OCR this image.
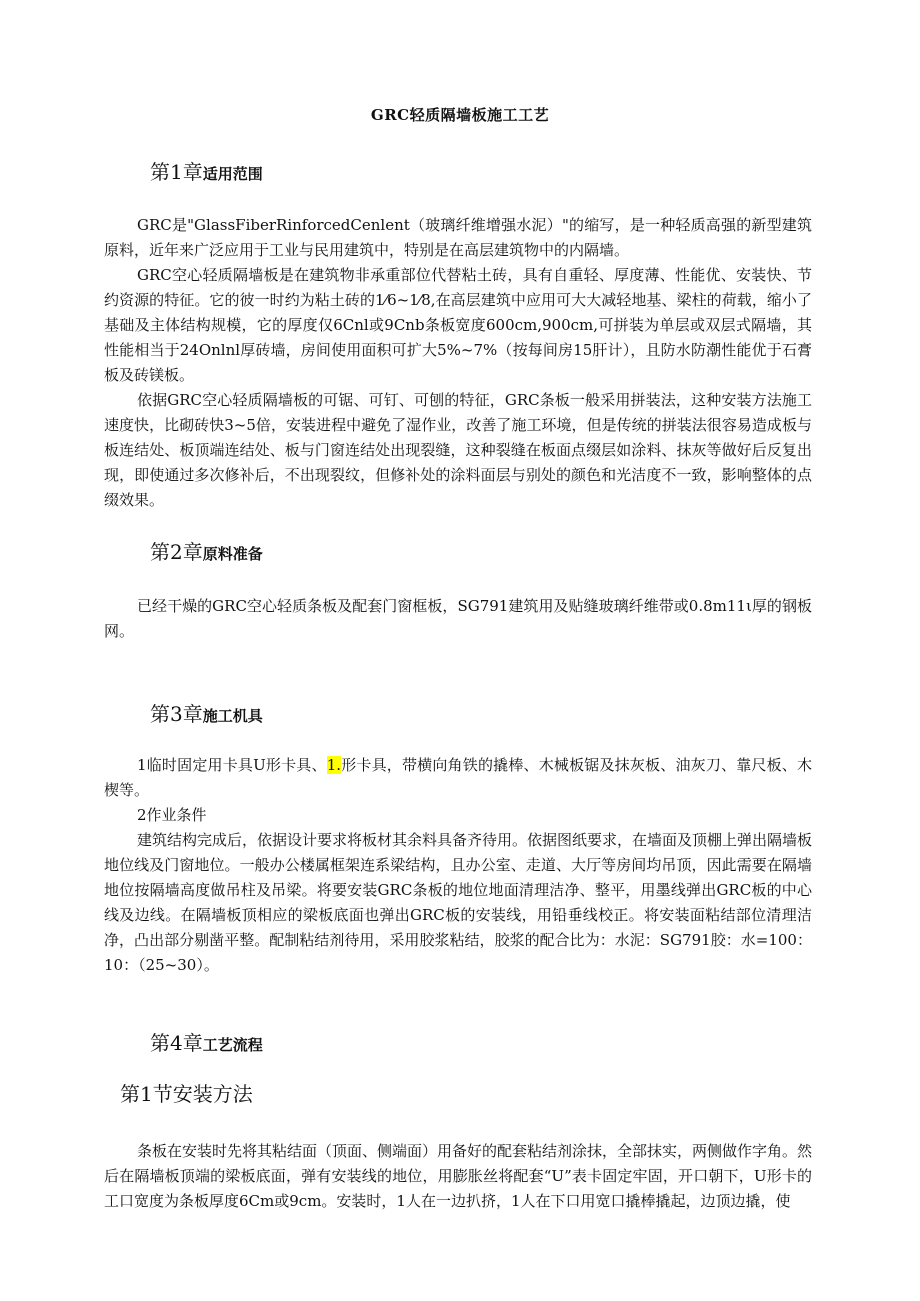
GRC轻质隔墙板施工工艺
第1章适用范围

GRC是"GlassFiberRinforcedCenlent（玻璃纤维增强水泥）"的缩写，是一种轻质高强的新型建筑原料，近年来广泛应用于工业与民用建筑中，特别是在高层建筑物中的内隔墙。

GRC空心轻质隔墙板是在建筑物非承重部位代替粘土砖，具有自重轻、厚度薄、性能优、安装快、节约资源的特征。它的彼一时约为粘土砖的1⁄6~1⁄8,在高层建筑中应用可大大减轻地基、梁柱的荷载，缩小了基础及主体结构规模，它的厚度仅6Cnl或9Cnb条板宽度600cm,900cm,可拼装为单层或双层式隔墙，其性能相当于24Onlnl厚砖墙，房间使用面积可扩大5%~7%（按每间房15肝计），且防水防潮性能优于石膏板及砖镁板。

依据GRC空心轻质隔墙板的可锯、可钉、可刨的特征，GRC条板一般采用拼装法，这种安装方法施工速度快，比砌砖快3~5倍，安装进程中避免了湿作业，改善了施工环境，但是传统的拼装法很容易造成板与板连结处、板顶端连结处、板与门窗连结处出现裂缝，这种裂缝在板面点缀层如涂料、抹灰等做好后反复出现，即使通过多次修补后，不出现裂纹，但修补处的涂料面层与别处的颜色和光洁度不一致，影响整体的点缀效果。

第2章原料准备

已经干燥的GRC空心轻质条板及配套门窗框板，SG791建筑用及贴缝玻璃纤维带或0.8m11ι厚的钢板网。

第3章施工机具

1临时固定用卡具U形卡具、1.形卡具，带横向角铁的撬棒、木械板锯及抹灰板、油灰刀、靠尺板、木楔等。

2作业条件

建筑结构完成后，依据设计要求将板材其余料具备齐待用。依据图纸要求，在墙面及顶棚上弹出隔墙板地位线及门窗地位。一般办公楼属框架连系梁结构，且办公室、走道、大厅等房间均吊顶，因此需要在隔墙地位按隔墙高度做吊柱及吊梁。将要安装GRC条板的地位地面清理洁净、整平，用墨线弹出GRC板的中心线及边线。在隔墙板顶相应的梁板底面也弹出GRC板的安装线，用铅垂线校正。将安装面粘结部位清理洁净，凸出部分剔凿平整。配制粘结剂待用，采用胶浆粘结，胶浆的配合比为：水泥：SG791胶：水=100：10：（25~30）。

第4章工艺流程
第1节安装方法

条板在安装时先将其粘结面（顶面、侧端面）用备好的配套粘结剂涂抹，全部抹实，两侧做作字角。然后在隔墙板顶端的梁板底面，弹有安装线的地位，用膨胀丝将配套“U”表卡固定牢固，开口朝下，U形卡的工口宽度为条板厚度6Cm或9cm。安装时，1人在一边扒挤，1人在下口用宽口撬棒撬起，边顶边撬，使
